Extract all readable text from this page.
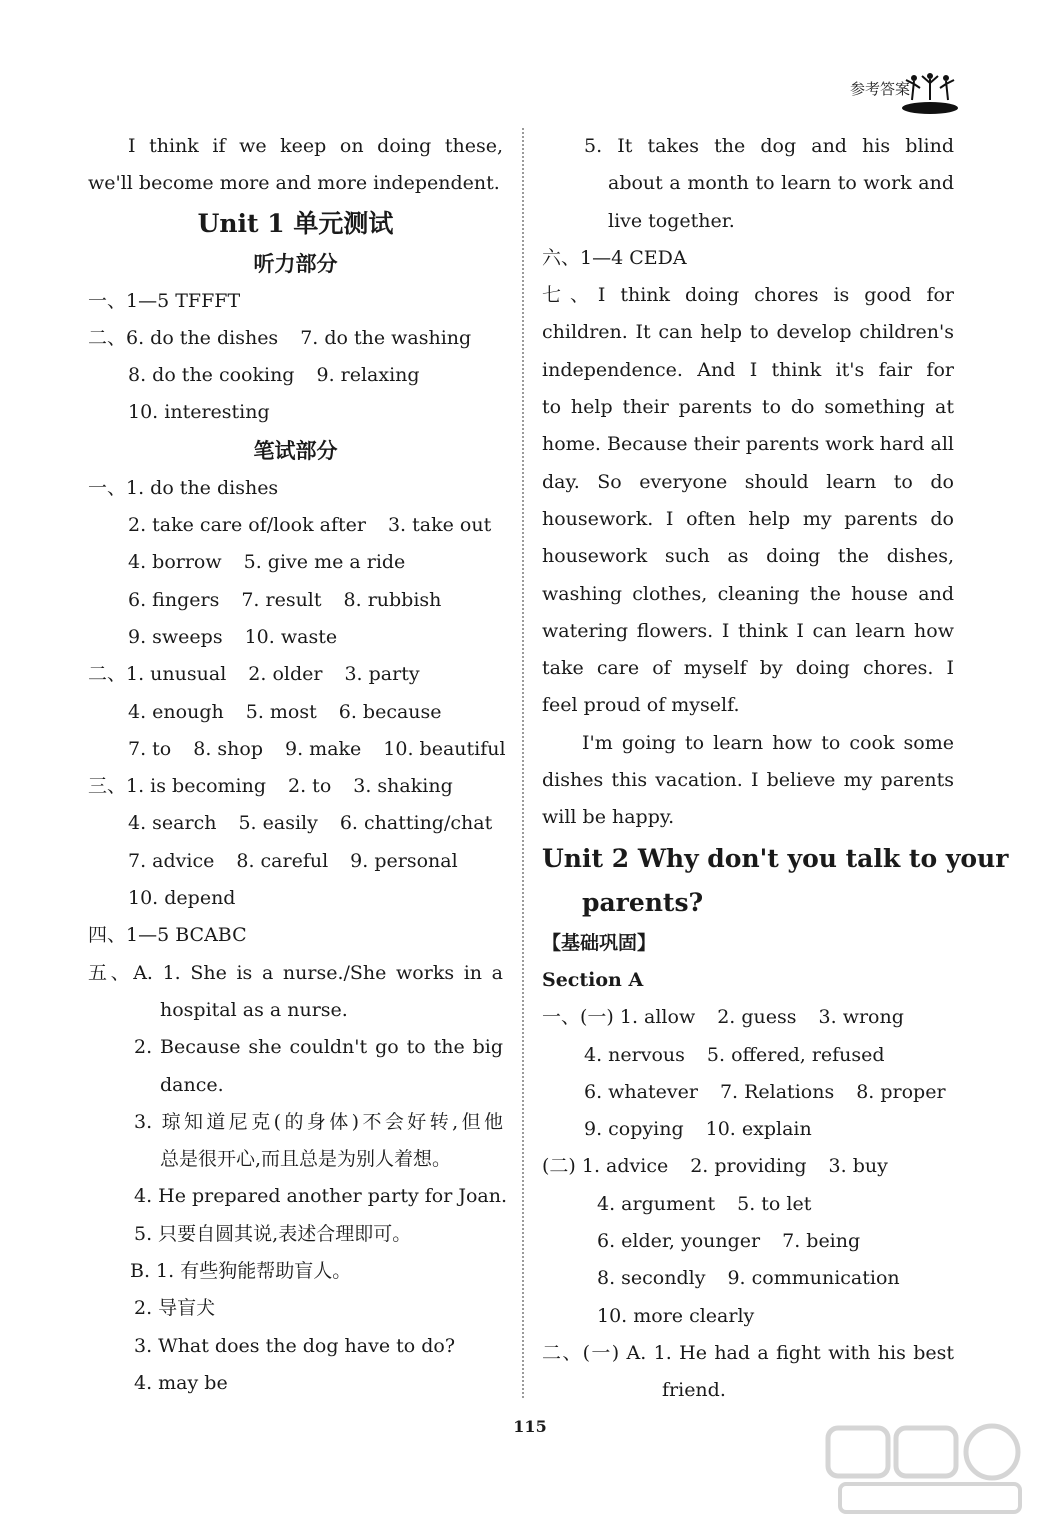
参考答案
I think if we keep on doing these,
we'll become more and more independent.
Unit 1 单元测试
听力部分
一、1—5 TFFFT
二、6. do the dishes 7. do the washing
8. do the cooking 9. relaxing
10. interesting
笔试部分
一、1. do the dishes
2. take care of/look after 3. take out
4. borrow 5. give me a ride
6. fingers 7. result 8. rubbish
9. sweeps 10. waste
二、1. unusual 2. older 3. party
4. enough 5. most 6. because
7. to 8. shop 9. make 10. beautiful
三、1. is becoming 2. to 3. shaking
4. search 5. easily 6. chatting/chat
7. advice 8. careful 9. personal
10. depend
四、1—5 BCABC
五、A. 1. She is a nurse./She works in a
hospital as a nurse.
2. Because she couldn't go to the big
dance.
3. 琼知道尼克(的身体)不会好转,但他
总是很开心,而且总是为别人着想。
4. He prepared another party for Joan.
5. 只要自圆其说,表述合理即可。
B. 1. 有些狗能帮助盲人。
2. 导盲犬
3. What does the dog have to do?
4. may be
5. It takes the dog and his blind
about a month to learn to work and
live together.
六、1—4 CEDA
七、I think doing chores is good for
children. It can help to develop children's
independence. And I think it's fair for
to help their parents to do something at
home. Because their parents work hard all
day. So everyone should learn to do
housework. I often help my parents do
housework such as doing the dishes,
washing clothes, cleaning the house and
watering flowers. I think I can learn how
take care of myself by doing chores. I
feel proud of myself.
I'm going to learn how to cook some
dishes this vacation. I believe my parents
will be happy.
Unit 2 Why don't you talk to your
parents?
【基础巩固】
Section A
一、(一) 1. allow 2. guess 3. wrong
4. nervous 5. offered, refused
6. whatever 7. Relations 8. proper
9. copying 10. explain
(二) 1. advice 2. providing 3. buy
4. argument 5. to let
6. elder, younger 7. being
8. secondly 9. communication
10. more clearly
二、(一) A. 1. He had a fight with his best
friend.
115
